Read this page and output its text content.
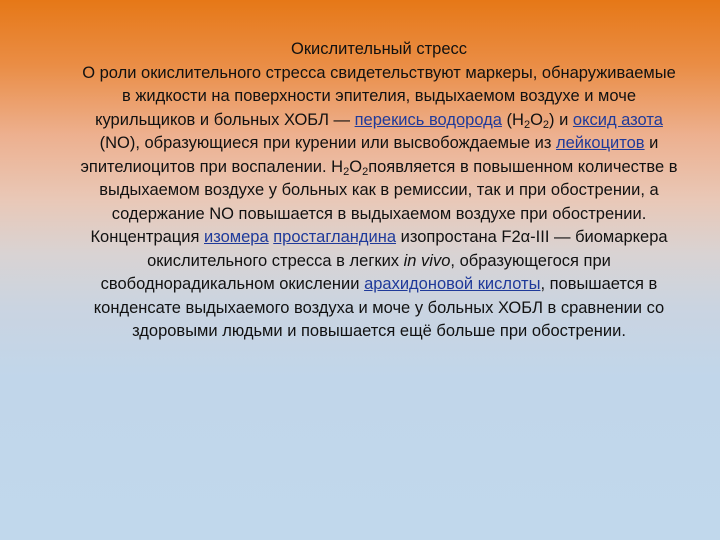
Окислительный стресс

О роли окислительного стресса свидетельствуют маркеры, обнаруживаемые в жидкости на поверхности эпителия, выдыхаемом воздухе и моче курильщиков и больных ХОБЛ — перекись водорода $(Н_2О_2)$ и оксид азота (NO), образующиеся при курении или высвобождаемые из лейкоцитов и эпителиоцитов при воспалении. $Н_2О_2появляется$ в повышенном количестве в выдыхаемом воздухе у больных как в ремиссии, так и при обострении, а содержание NO повышается в выдыхаемом воздухе при обострении.

Концентрация изомера простагландина изопростана F2α-III — биомаркера окислительного стресса в легких in vivo, образующегося при свободнорадикальном окислении арахидоновой кислоты, повышается в конденсате выдыхаемого воздуха и моче у больных ХОБЛ в сравнении со здоровыми людьми и повышается ещё больше при обострении.
